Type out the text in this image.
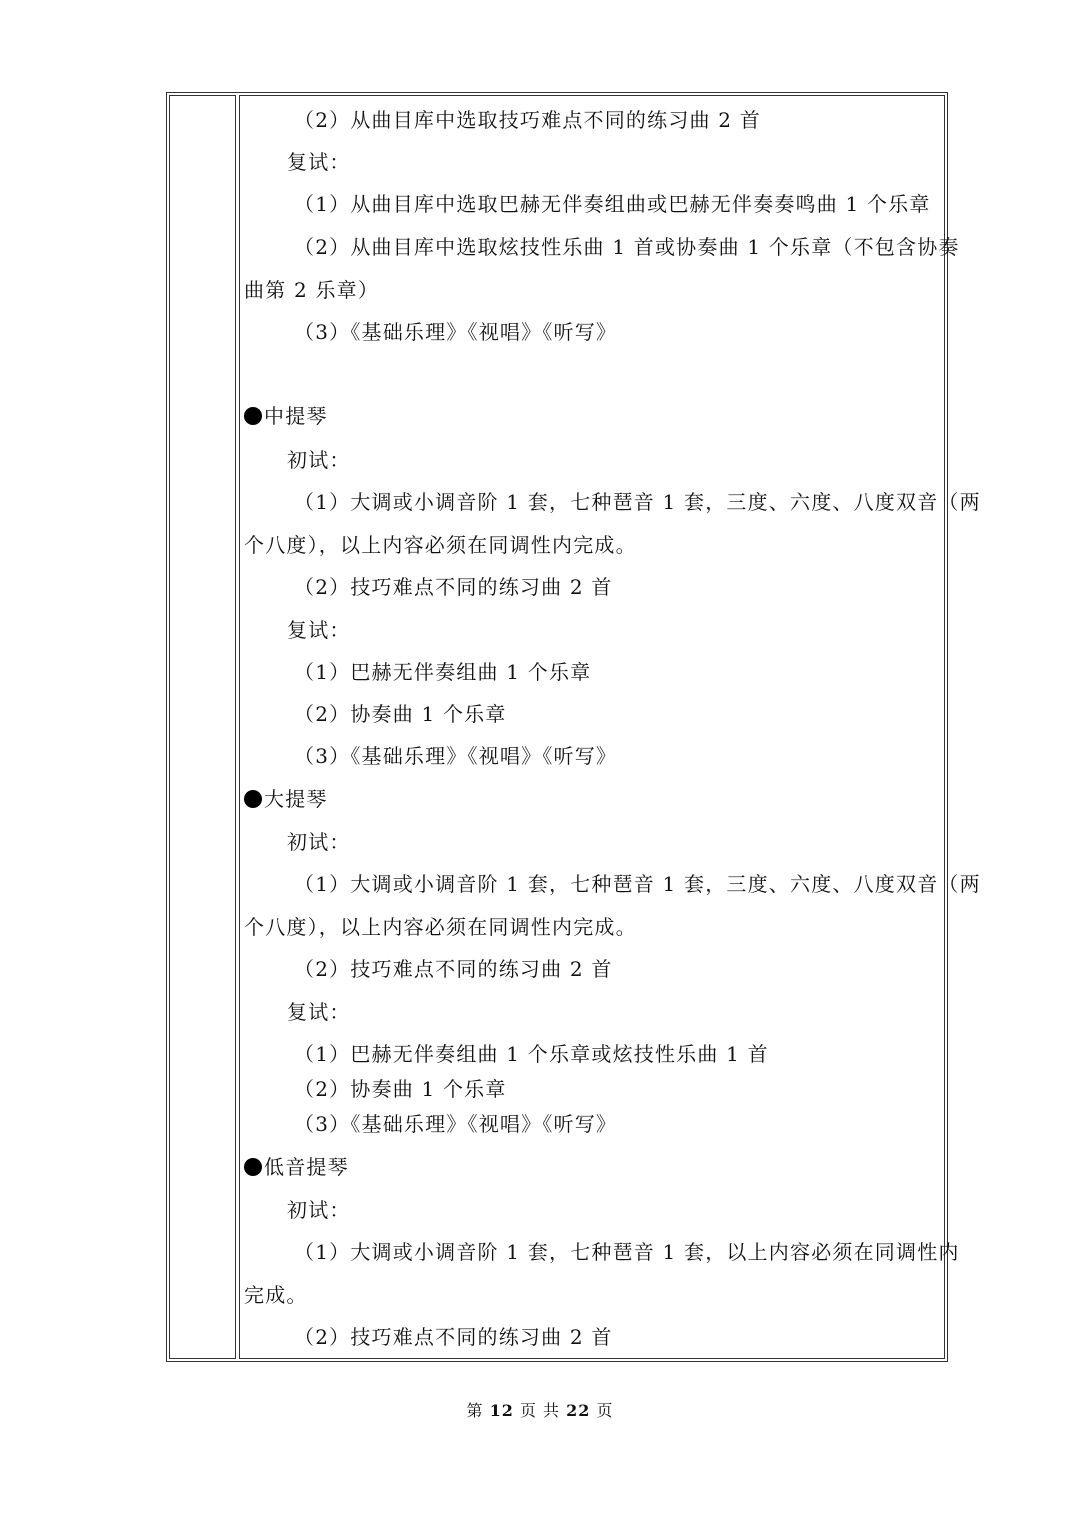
（2）从曲目库中选取技巧难点不同的练习曲 2 首
复试：
（1）从曲目库中选取巴赫无伴奏组曲或巴赫无伴奏奏鸣曲 1 个乐章
（2）从曲目库中选取炫技性乐曲 1 首或协奏曲 1 个乐章（不包含协奏
曲第 2 乐章）
（3）《基础乐理》《视唱》《听写》
中提琴
初试：
（1）大调或小调音阶 1 套，七种琶音 1 套，三度、六度、八度双音（两
个八度），以上内容必须在同调性内完成。
（2）技巧难点不同的练习曲 2 首
复试：
（1）巴赫无伴奏组曲 1 个乐章
（2）协奏曲 1 个乐章
（3）《基础乐理》《视唱》《听写》
大提琴
初试：
（1）大调或小调音阶 1 套，七种琶音 1 套，三度、六度、八度双音（两
个八度），以上内容必须在同调性内完成。
（2）技巧难点不同的练习曲 2 首
复试：
（1）巴赫无伴奏组曲 1 个乐章或炫技性乐曲 1 首
（2）协奏曲 1 个乐章
（3）《基础乐理》《视唱》《听写》
低音提琴
初试：
（1）大调或小调音阶 1 套，七种琶音 1 套，以上内容必须在同调性内
完成。
（2）技巧难点不同的练习曲 2 首
第 12 页 共 22 页
